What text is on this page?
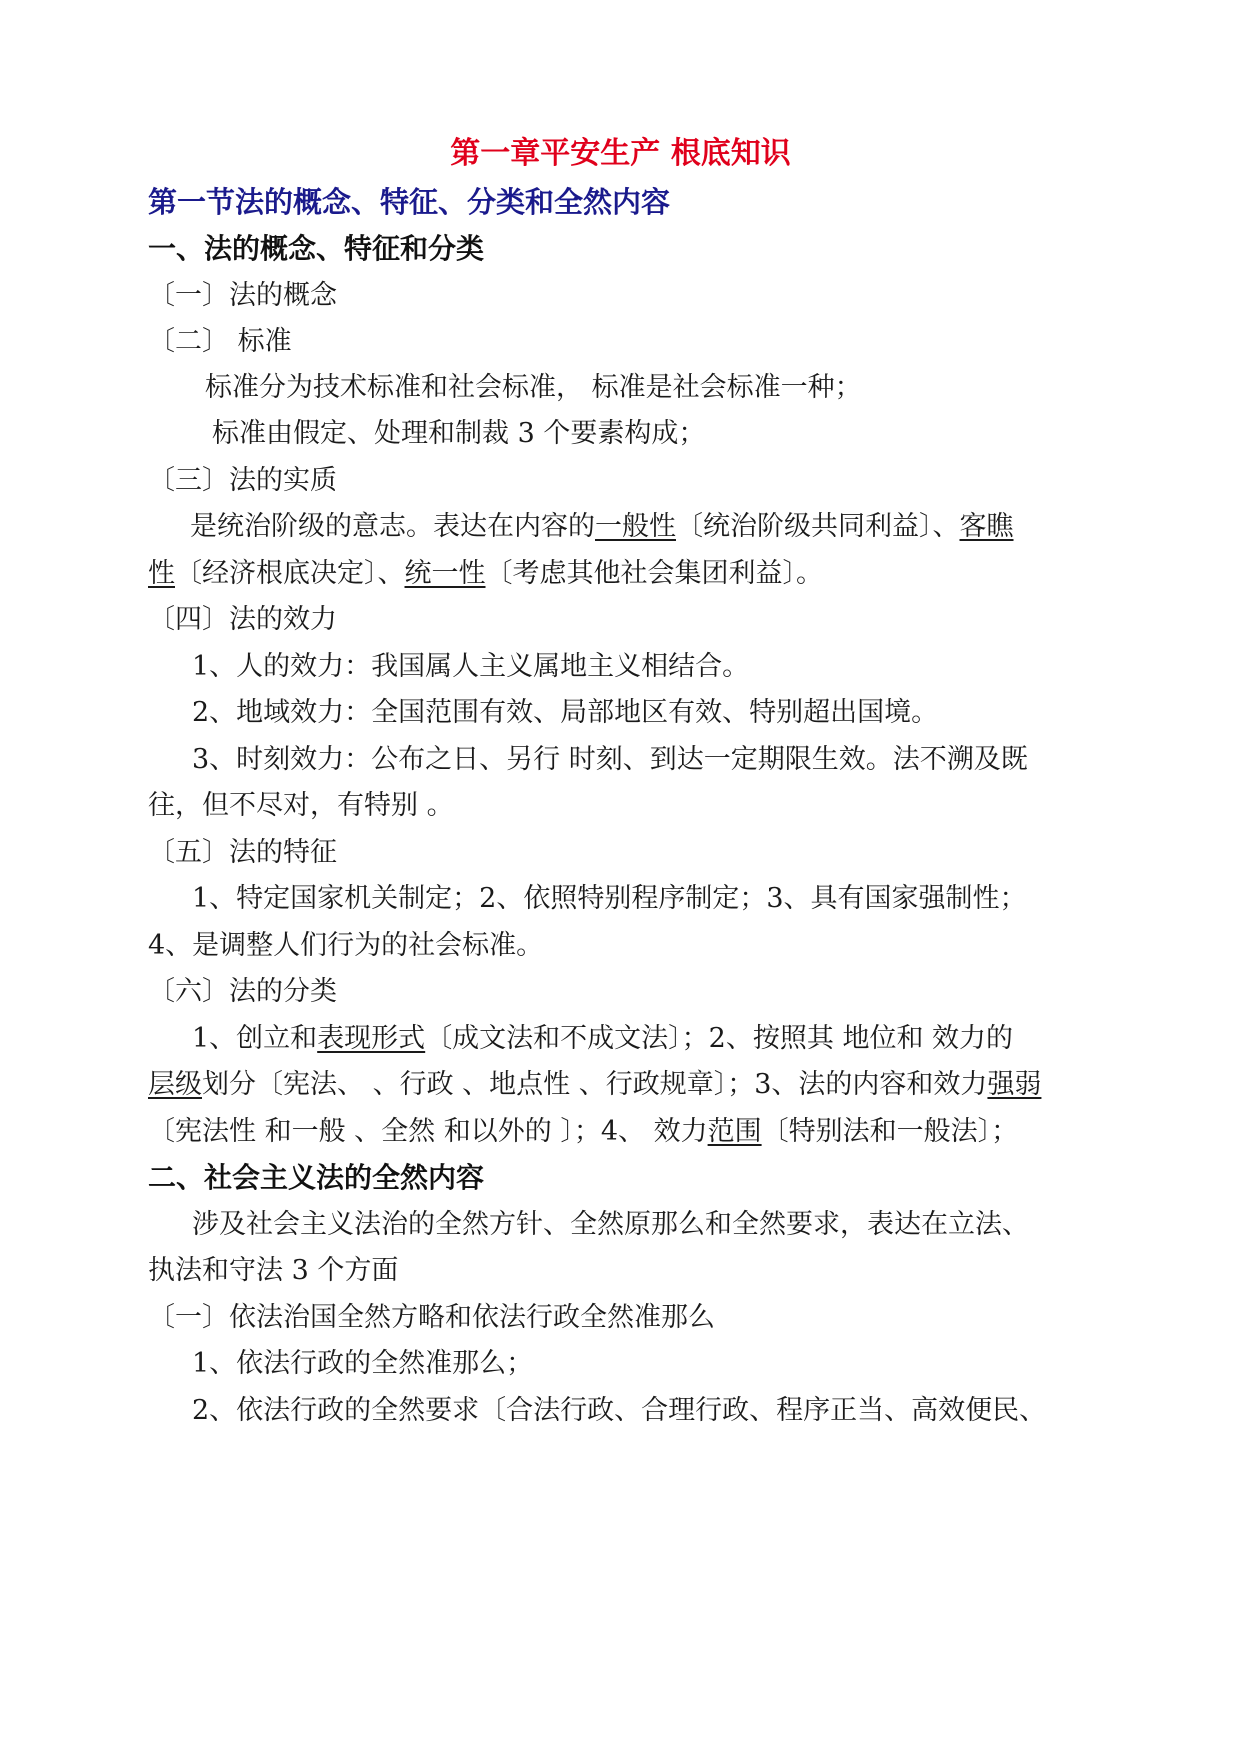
第一章平安生产 根底知识
第一节法的概念、特征、分类和全然内容
一、法的概念、特征和分类
〔一〕法的概念
〔二〕 标准
标准分为技术标准和社会标准， 标准是社会标准一种；
标准由假定、处理和制裁 3 个要素构成；
〔三〕法的实质
是统治阶级的意志。表达在内容的一般性〔统治阶级共同利益〕、客瞧
性〔经济根底决定〕、统一性〔考虑其他社会集团利益〕。
〔四〕法的效力
1、人的效力：我国属人主义属地主义相结合。
2、地域效力：全国范围有效、局部地区有效、特别超出国境。
3、时刻效力：公布之日、另行 时刻、到达一定期限生效。法不溯及既
往，但不尽对，有特别 。
〔五〕法的特征
1、特定国家机关制定；2、依照特别程序制定；3、具有国家强制性；
4、是调整人们行为的社会标准。
〔六〕法的分类
1、创立和表现形式〔成文法和不成文法〕；2、按照其 地位和 效力的
层级划分〔宪法、 、行政 、地点性 、行政规章〕；3、法的内容和效力强弱
〔宪法性 和一般 、全然 和以外的 〕；4、 效力范围〔特别法和一般法〕；
二、社会主义法的全然内容
涉及社会主义法治的全然方针、全然原那么和全然要求，表达在立法、
执法和守法 3 个方面
〔一〕依法治国全然方略和依法行政全然准那么
1、依法行政的全然准那么；
2、依法行政的全然要求〔合法行政、合理行政、程序正当、高效便民、
